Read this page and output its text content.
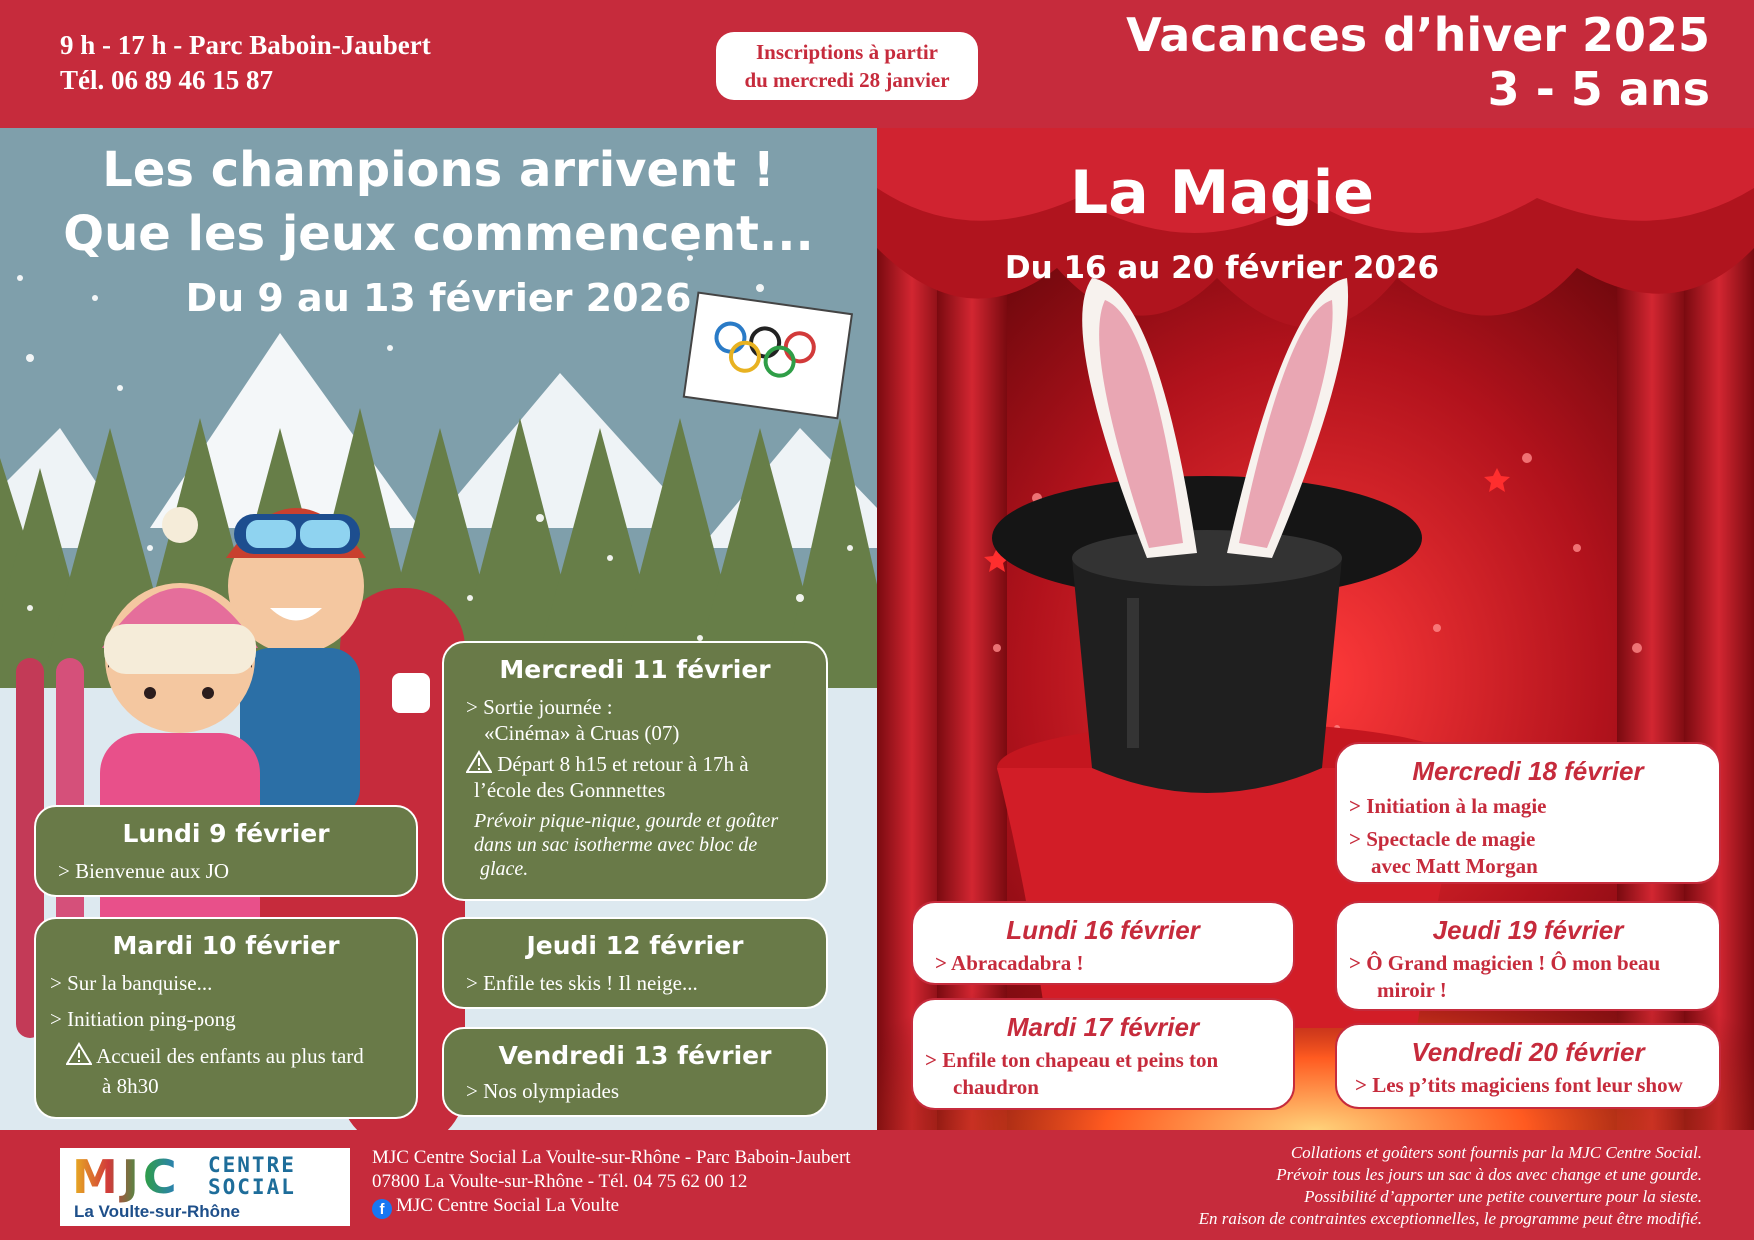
9 h - 17 h - Parc Baboin-Jaubert
Tél. 06 89 46 15 87
Inscriptions à partir
du mercredi 28 janvier
Vacances d’hiver 2025
3 - 5 ans
Les champions arrivent !
Que les jeux commencent...
Du 9 au 13 février 2026
Mercredi 11 février
> Sortie journée :
«Cinéma» à Cruas (07)
Départ 8 h15 et retour à 17h à
l’école des Gonnnettes
Prévoir pique-nique, gourde et goûter
dans un sac isotherme avec bloc de
glace.
Lundi 9 février
> Bienvenue aux JO
Mardi 10 février
> Sur la banquise...
> Initiation ping-pong
Accueil des enfants au plus tard
à 8h30
Jeudi 12 février
> Enfile tes skis ! Il neige...
Vendredi 13 février
> Nos olympiades
La Magie
Du 16 au 20 février 2026
Mercredi 18 février
> Initiation à la magie
> Spectacle de magie
avec Matt Morgan
Lundi 16 février
> Abracadabra !
Jeudi 19 février
> Ô Grand magicien ! Ô mon beau
miroir !
Mardi 17 février
> Enfile ton chapeau et peins ton
chaudron
Vendredi 20 février
> Les p’tits magiciens font leur show
MJC CENTRE
SOCIAL
La Voulte-sur-Rhône
MJC Centre Social La Voulte-sur-Rhône - Parc Baboin-Jaubert
07800 La Voulte-sur-Rhône - Tél. 04 75 62 00 12
f MJC Centre Social La Voulte
Collations et goûters sont fournis par la MJC Centre Social.
Prévoir tous les jours un sac à dos avec change et une gourde.
Possibilité d’apporter une petite couverture pour la sieste.
En raison de contraintes exceptionnelles, le programme peut être modifié.
